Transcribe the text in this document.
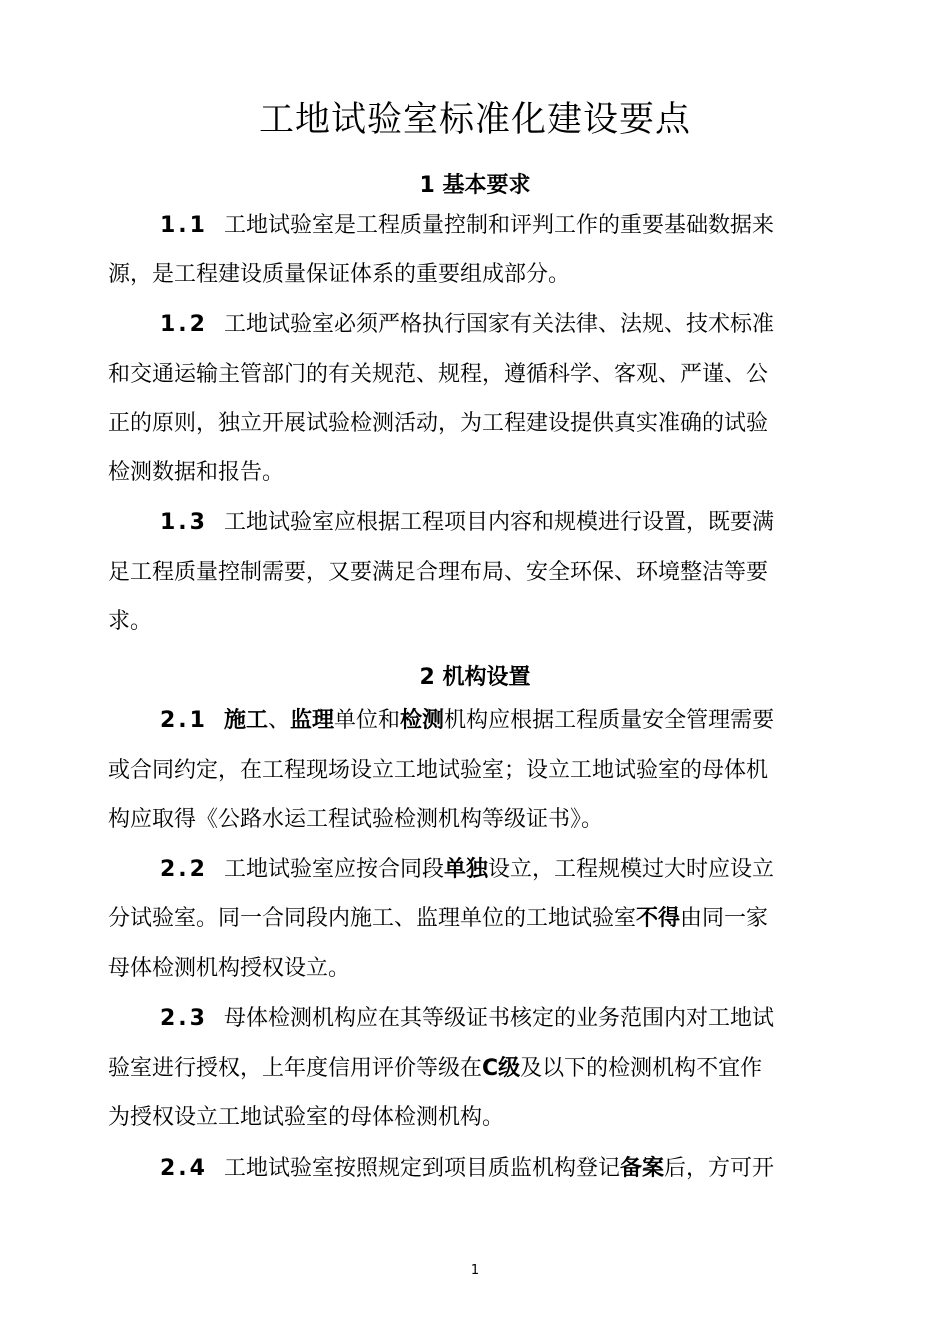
工地试验室标准化建设要点
1 基本要求
1.1 工地试验室是工程质量控制和评判工作的重要基础数据来
源，是工程建设质量保证体系的重要组成部分。
1.2 工地试验室必须严格执行国家有关法律、法规、技术标准
和交通运输主管部门的有关规范、规程，遵循科学、客观、严谨、公
正的原则，独立开展试验检测活动，为工程建设提供真实准确的试验
检测数据和报告。
1.3 工地试验室应根据工程项目内容和规模进行设置，既要满
足工程质量控制需要，又要满足合理布局、安全环保、环境整洁等要
求。
2 机构设置
2.1 施工、监理单位和检测机构应根据工程质量安全管理需要
或合同约定，在工程现场设立工地试验室；设立工地试验室的母体机
构应取得《公路水运工程试验检测机构等级证书》。
2.2 工地试验室应按合同段单独设立，工程规模过大时应设立
分试验室。同一合同段内施工、监理单位的工地试验室不得由同一家
母体检测机构授权设立。
2.3 母体检测机构应在其等级证书核定的业务范围内对工地试
验室进行授权，上年度信用评价等级在C级及以下的检测机构不宜作
为授权设立工地试验室的母体检测机构。
2.4 工地试验室按照规定到项目质监机构登记备案后，方可开
1
